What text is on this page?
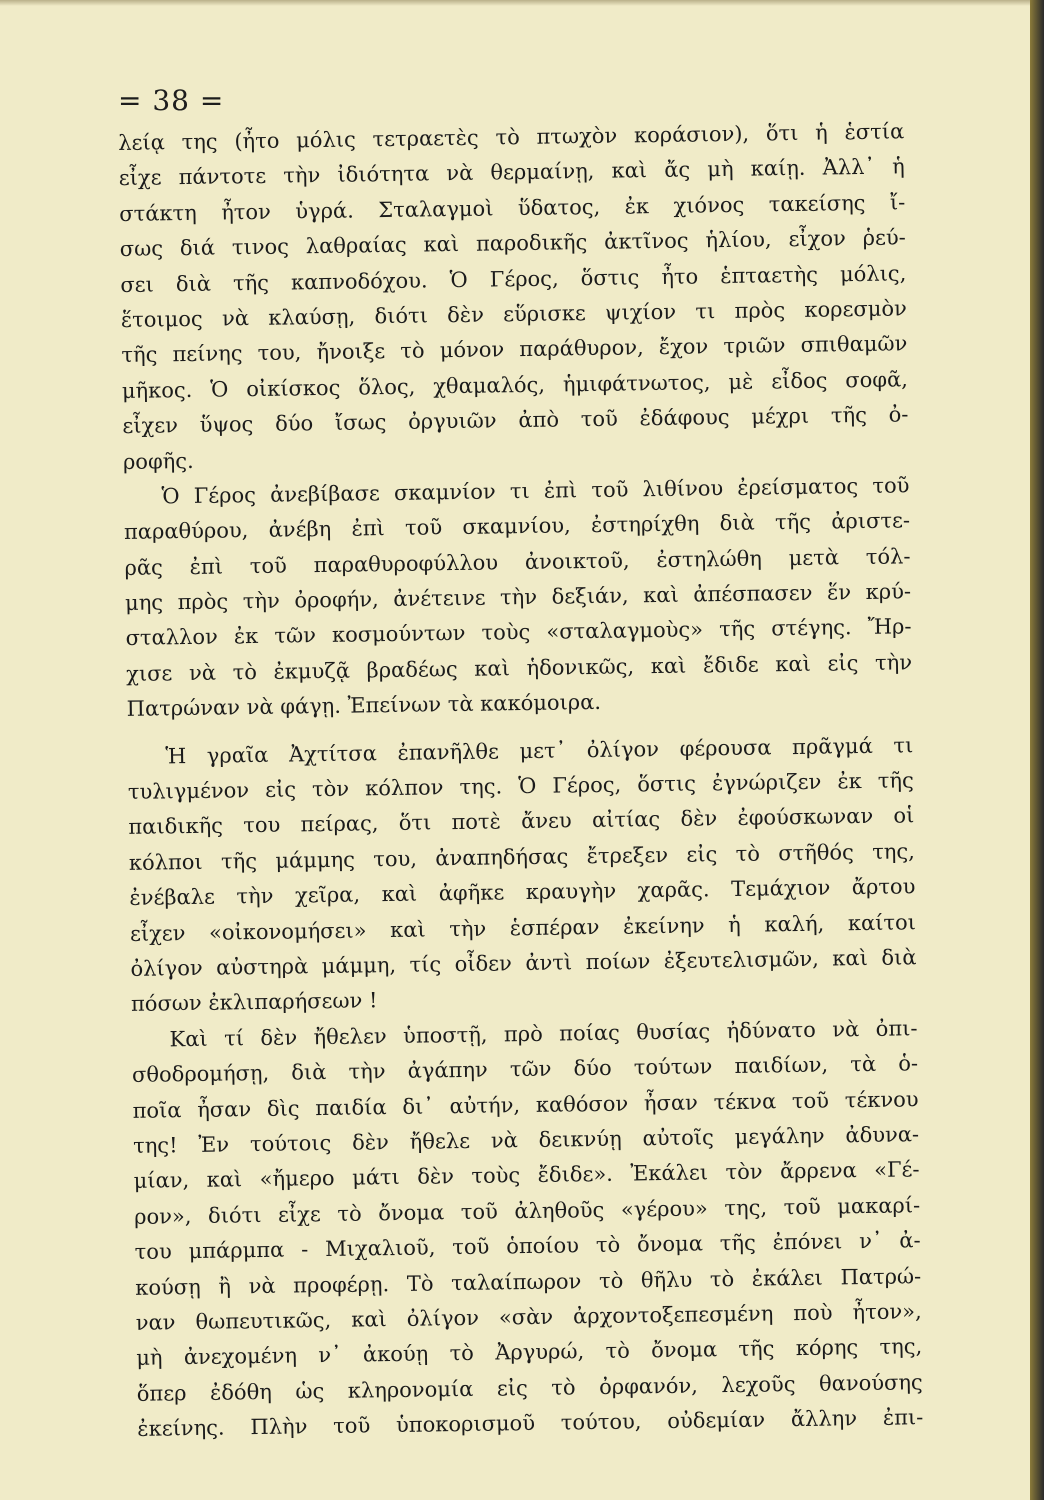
= 38 =
λείᾳ της (ἦτο μόλις τετραετὲς τὸ πτωχὸν κοράσιον), ὅτι ἡ ἑστία
εἶχε πάντοτε τὴν ἰδιότητα νὰ θερμαίνῃ, καὶ ἄς μὴ καίῃ. Ἀλλ᾿ ἡ
στάκτη ἦτον ὑγρά. Σταλαγμοὶ ὕδατος, ἐκ χιόνος τακείσης ἴ-
σως διά τινος λαθραίας καὶ παροδικῆς ἀκτῖνος ἡλίου, εἶχον ῥεύ-
σει διὰ τῆς καπνοδόχου. Ὁ Γέρος, ὅστις ἦτο ἑπταετὴς μόλις,
ἕτοιμος νὰ κλαύσῃ, διότι δὲν εὕρισκε ψιχίον τι πρὸς κορεσμὸν
τῆς πείνης του, ἤνοιξε τὸ μόνον παράθυρον, ἔχον τριῶν σπιθαμῶν
μῆκος. Ὁ οἰκίσκος ὅλος, χθαμαλός, ἡμιφάτνωτος, μὲ εἶδος σοφᾶ,
εἶχεν ὕψος δύο ἴσως ὀργυιῶν ἀπὸ τοῦ ἐδάφους μέχρι τῆς ὀ-
ροφῆς.
Ὁ Γέρος ἀνεβίβασε σκαμνίον τι ἐπὶ τοῦ λιθίνου ἐρείσματος τοῦ
παραθύρου, ἀνέβη ἐπὶ τοῦ σκαμνίου, ἐστηρίχθη διὰ τῆς ἀριστε-
ρᾶς ἐπὶ τοῦ παραθυροφύλλου ἀνοικτοῦ, ἐστηλώθη μετὰ τόλ-
μης πρὸς τὴν ὀροφήν, ἀνέτεινε τὴν δεξιάν, καὶ ἀπέσπασεν ἕν κρύ-
σταλλον ἐκ τῶν κοσμούντων τοὺς «σταλαγμοὺς» τῆς στέγης. Ἤρ-
χισε νὰ τὸ ἐκμυζᾷ βραδέως καὶ ἡδονικῶς, καὶ ἔδιδε καὶ εἰς τὴν
Πατρώναν νὰ φάγῃ. Ἐπείνων τὰ κακόμοιρα.
Ἡ γραῖα Ἀχτίτσα ἐπανῆλθε μετ᾿ ὀλίγον φέρουσα πρᾶγμά τι
τυλιγμένον εἰς τὸν κόλπον της. Ὁ Γέρος, ὅστις ἐγνώριζεν ἐκ τῆς
παιδικῆς του πείρας, ὅτι ποτὲ ἄνευ αἰτίας δὲν ἐφούσκωναν οἱ
κόλποι τῆς μάμμης του, ἀναπηδήσας ἔτρεξεν εἰς τὸ στῆθός της,
ἐνέβαλε τὴν χεῖρα, καὶ ἀφῆκε κραυγὴν χαρᾶς. Τεμάχιον ἄρτου
εἶχεν «οἰκονομήσει» καὶ τὴν ἑσπέραν ἐκείνην ἡ καλή, καίτοι
ὀλίγον αὐστηρὰ μάμμη, τίς οἶδεν ἀντὶ ποίων ἐξευτελισμῶν, καὶ διὰ
πόσων ἐκλιπαρήσεων !
Καὶ τί δὲν ἤθελεν ὑποστῇ, πρὸ ποίας θυσίας ἠδύνατο νὰ ὀπι-
σθοδρομήσῃ, διὰ τὴν ἀγάπην τῶν δύο τούτων παιδίων, τὰ ὁ-
ποῖα ἦσαν δὶς παιδία δι᾿ αὐτήν, καθόσον ἦσαν τέκνα τοῦ τέκνου
της! Ἐν τούτοις δὲν ἤθελε νὰ δεικνύῃ αὐτοῖς μεγάλην ἀδυνα-
μίαν, καὶ «ἤμερο μάτι δὲν τοὺς ἔδιδε». Ἐκάλει τὸν ἄρρενα «Γέ-
ρον», διότι εἶχε τὸ ὄνομα τοῦ ἀληθοῦς «γέρου» της, τοῦ μακαρί-
του μπάρμπα - Μιχαλιοῦ, τοῦ ὁποίου τὸ ὄνομα τῆς ἐπόνει ν᾿ ἀ-
κούσῃ ἢ νὰ προφέρῃ. Τὸ ταλαίπωρον τὸ θῆλυ τὸ ἐκάλει Πατρώ-
ναν θωπευτικῶς, καὶ ὀλίγον «σὰν ἀρχοντοξεπεσμένη ποὺ ἦτον»,
μὴ ἀνεχομένη ν᾿ ἀκούῃ τὸ Ἀργυρώ, τὸ ὄνομα τῆς κόρης της,
ὅπερ ἐδόθη ὡς κληρονομία εἰς τὸ ὀρφανόν, λεχοῦς θανούσης
ἐκείνης. Πλὴν τοῦ ὑποκορισμοῦ τούτου, οὐδεμίαν ἄλλην ἐπι-
